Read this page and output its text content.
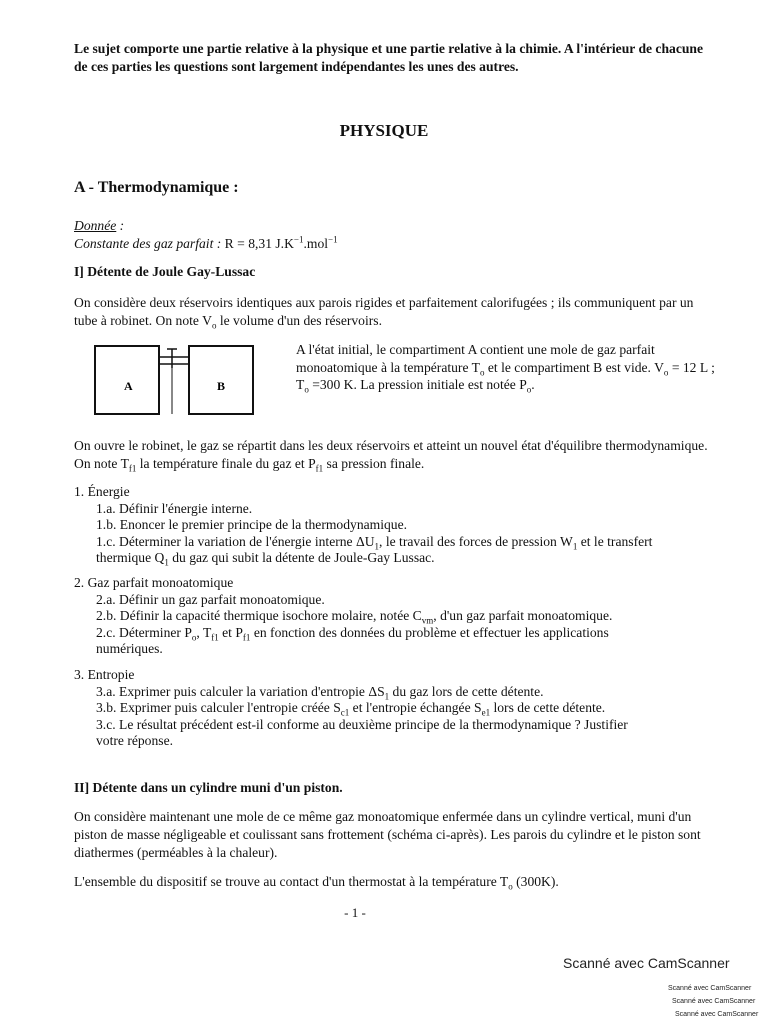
Le sujet comporte une partie relative à la physique et une partie relative à la chimie. A l'intérieur de chacune de ces parties les questions sont largement indépendantes les unes des autres.
PHYSIQUE
A - Thermodynamique :
Donnée :
Constante des gaz parfait : R = 8,31 $J.K^{-1}.mol^{-1}$
I] Détente de Joule Gay-Lussac
On considère deux réservoirs identiques aux parois rigides et parfaitement calorifugées ; ils communiquent par un tube à robinet. On note $V_o$ le volume d'un des réservoirs.
A	B
A l'état initial, le compartiment A contient une mole de gaz parfait monoatomique à la température $T_o$ et le compartiment B est vide. $V_o = 12$ L ; $T_o =300$ K. La pression initiale est notée $P_o$.
On ouvre le robinet, le gaz se répartit dans les deux réservoirs et atteint un nouvel état d'équilibre thermodynamique. On note $T_{f1}$ la température finale du gaz et $P_{f1}$ sa pression finale.
1. Énergie
1.a. Définir l'énergie interne.
1.b. Enoncer le premier principe de la thermodynamique.
1.c. Déterminer la variation de l'énergie interne $\Delta U_1$, le travail des forces de pression $W_1$ et le transfert
thermique $Q_1$ du gaz qui subit la détente de Joule-Gay Lussac.
2. Gaz parfait monoatomique
2.a. Définir un gaz parfait monoatomique.
2.b. Définir la capacité thermique isochore molaire, notée $C_{vm}$, d'un gaz parfait monoatomique.
2.c. Déterminer $P_o$, $T_{f1}$ et $P_{f1}$ en fonction des données du problème et effectuer les applications
numériques.
3. Entropie
3.a. Exprimer puis calculer la variation d'entropie $\Delta S_1$ du gaz lors de cette détente.
3.b. Exprimer puis calculer l'entropie créée $S_{c1}$ et l'entropie échangée $S_{e1}$ lors de cette détente.
3.c. Le résultat précédent est-il conforme au deuxième principe de la thermodynamique ? Justifier
votre réponse.
II] Détente dans un cylindre muni d'un piston.
On considère maintenant une mole de ce même gaz monoatomique enfermée dans un cylindre vertical, muni d'un piston de masse négligeable et coulissant sans frottement (schéma ci-après). Les parois du cylindre et le piston sont diathermes (perméables à la chaleur).
L'ensemble du dispositif se trouve au contact d'un thermostat à la température $T_o$ (300K).
- 1 -
Scanné avec CamScanner
Scanné avec CamScanner
Scanné avec CamScanner
Scanné avec CamScanner
